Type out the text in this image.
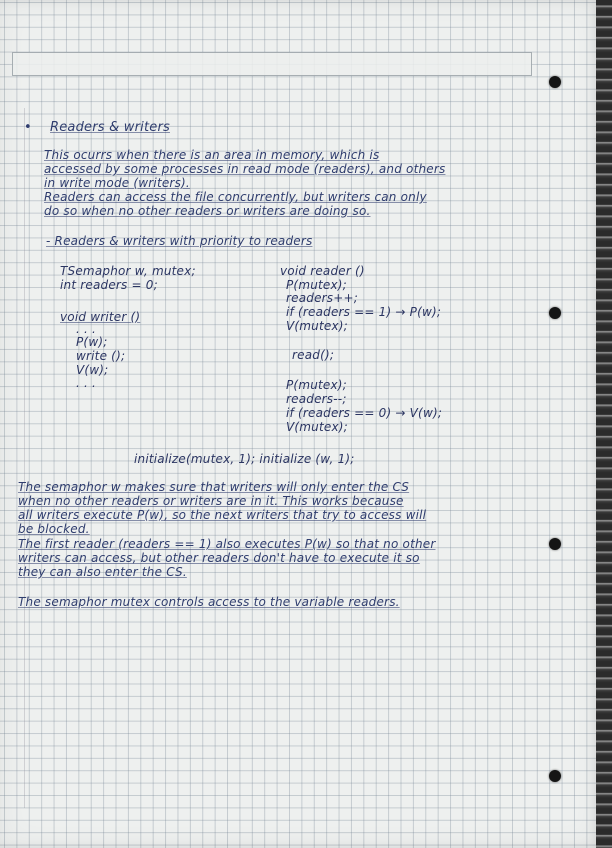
• Readers & writers
This ocurrs when there is an area in memory, which is
accessed by some processes in read mode (readers), and others
in write mode (writers).
Readers can access the file concurrently, but writers can only
do so when no other readers or writers are doing so.
- Readers & writers with priority to readers
TSemaphor w, mutex;
int readers = 0;
void writer ()
. . .
P(w);
write ();
V(w);
. . .
void reader ()
P(mutex);
readers++;
if (readers == 1) → P(w);
V(mutex);
read();
P(mutex);
readers--;
if (readers == 0) → V(w);
V(mutex);
initialize(mutex, 1); initialize (w, 1);
The semaphor w makes sure that writers will only enter the CS
when no other readers or writers are in it. This works because
all writers execute P(w), so the next writers that try to access will
be blocked.
The first reader (readers == 1) also executes P(w) so that no other
writers can access, but other readers don't have to execute it so
they can also enter the CS.
The semaphor mutex controls access to the variable readers.
